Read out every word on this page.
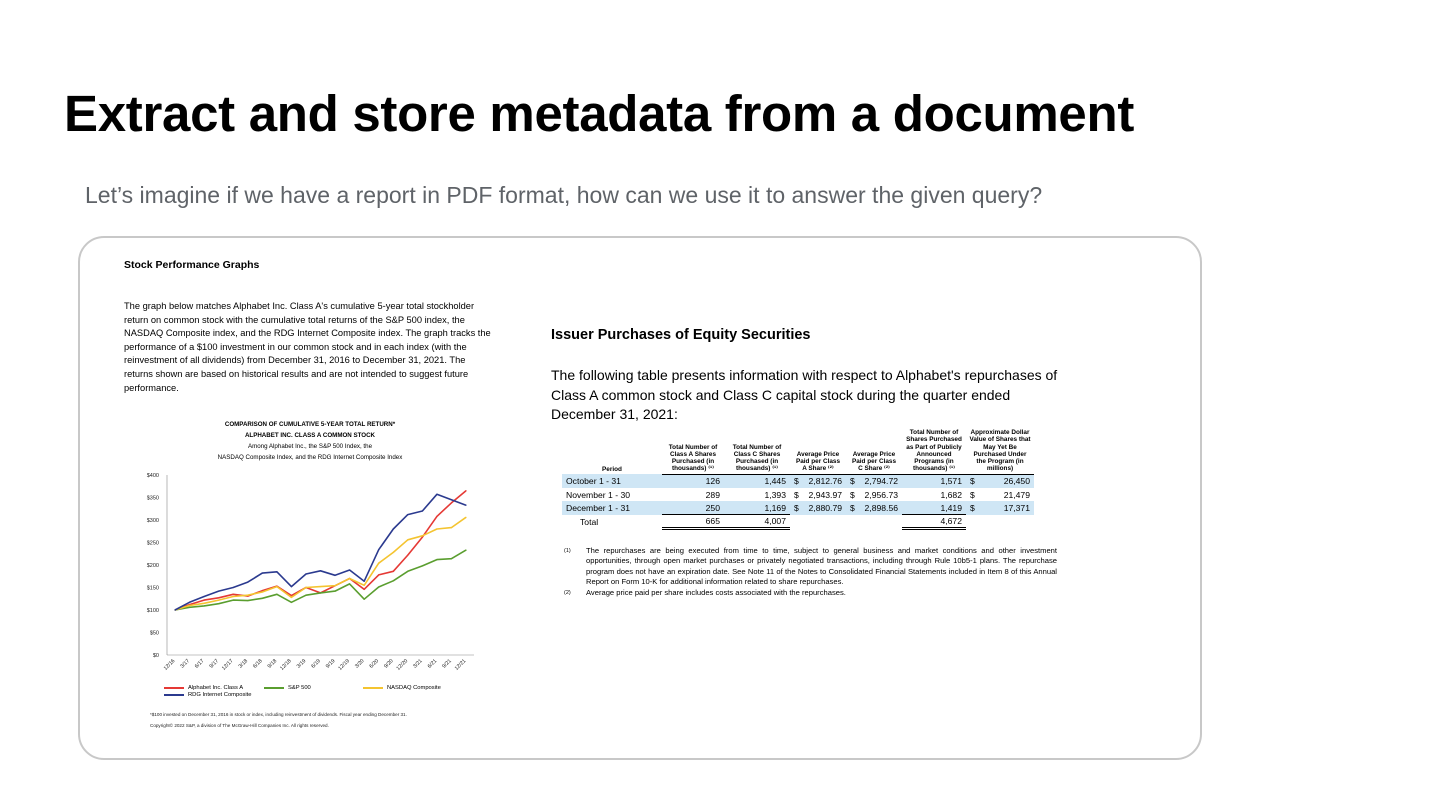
Extract and store metadata from a document
Let’s imagine if we have a report in PDF format, how can we use it to answer the given query?
Stock Performance Graphs
The graph below matches Alphabet Inc. Class A's cumulative 5-year total stockholder return on common stock with the cumulative total returns of the S&P 500 index, the NASDAQ Composite index, and the RDG Internet Composite index. The graph tracks the performance of a $100 investment in our common stock and in each index (with the reinvestment of all dividends) from December 31, 2016 to December 31, 2021. The returns shown are based on historical results and are not intended to suggest future performance.
COMPARISON OF CUMULATIVE 5-YEAR TOTAL RETURN*
ALPHABET INC. CLASS A COMMON STOCK
Among Alphabet Inc., the S&P 500 Index, the
NASDAQ Composite Index, and the RDG Internet Composite Index
$0
$50
$100
$150
$200
$250
$300
$350
$400
12/16 3/17 6/17 9/17 12/17 3/18 6/18 9/18 12/18 3/19 6/19 9/19 12/19 3/20 6/20 9/20 12/20 3/21 6/21 9/21 12/21
Alphabet Inc. Class A	S&P 500	NASDAQ Composite
RDG Internet Composite
*$100 invested on December 31, 2016 in stock or index, including reinvestment of dividends. Fiscal year ending December 31.
Copyright© 2022 S&P, a division of The McGraw-Hill Companies Inc. All rights reserved.
Issuer Purchases of Equity Securities
The following table presents information with respect to Alphabet's repurchases of Class A common stock and Class C capital stock during the quarter ended December 31, 2021:
Period	Total Number of Class A Shares Purchased (in thousands) ⁽¹⁾	Total Number of Class C Shares Purchased (in thousands) ⁽¹⁾	Average Price Paid per Class A Share ⁽²⁾		Average Price Paid per Class C Share ⁽²⁾		Total Number of Shares Purchased as Part of Publicly Announced Programs (in thousands) ⁽¹⁾	Approximate Dollar Value of Shares that May Yet Be Purchased Under the Program (in millions)	
October 1 - 31	126	1,445	$	2,812.76	$	2,794.72	1,571	$	26,450
November 1 - 30	289	1,393	$	2,943.97	$	2,956.73	1,682	$	21,479
December 1 - 31	250	1,169	$	2,880.79	$	2,898.56	1,419	$	17,371
Total	665	4,007					4,672		
(1)	The repurchases are being executed from time to time, subject to general business and market conditions and other investment opportunities, through open market purchases or privately negotiated transactions, including through Rule 10b5-1 plans. The repurchase program does not have an expiration date. See Note 11 of the Notes to Consolidated Financial Statements included in Item 8 of this Annual Report on Form 10-K for additional information related to share repurchases.
(2)	Average price paid per share includes costs associated with the repurchases.
